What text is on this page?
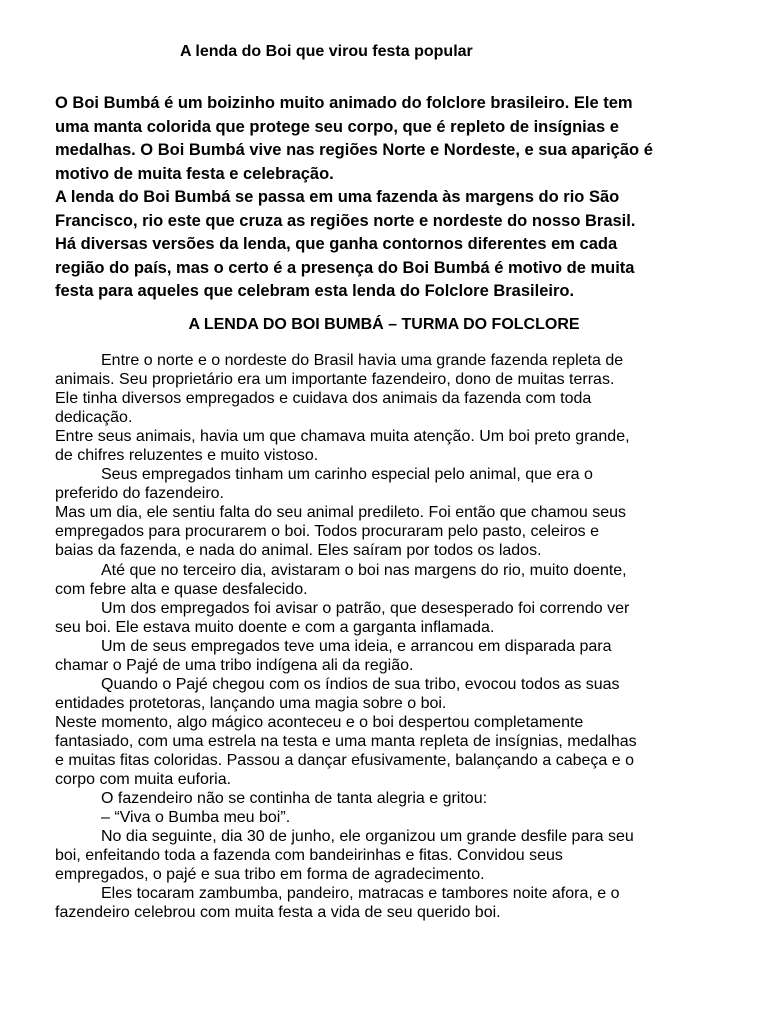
A lenda do Boi que virou festa popular
O Boi Bumbá é um boizinho muito animado do folclore brasileiro. Ele tem
uma manta colorida que protege seu corpo, que é repleto de insígnias e
medalhas. O Boi Bumbá vive nas regiões Norte e Nordeste, e sua aparição é
motivo de muita festa e celebração.
A lenda do Boi Bumbá se passa em uma fazenda às margens do rio São
Francisco, rio este que cruza as regiões norte e nordeste do nosso Brasil.
Há diversas versões da lenda, que ganha contornos diferentes em cada
região do país, mas o certo é a presença do Boi Bumbá é motivo de muita
festa para aqueles que celebram esta lenda do Folclore Brasileiro.
A LENDA DO BOI BUMBÁ – TURMA DO FOLCLORE
Entre o norte e o nordeste do Brasil havia uma grande fazenda repleta de
animais. Seu proprietário era um importante fazendeiro, dono de muitas terras.
Ele tinha diversos empregados e cuidava dos animais da fazenda com toda
dedicação.
Entre seus animais, havia um que chamava muita atenção. Um boi preto grande,
de chifres reluzentes e muito vistoso.
Seus empregados tinham um carinho especial pelo animal, que era o
preferido do fazendeiro.
Mas um dia, ele sentiu falta do seu animal predileto. Foi então que chamou seus
empregados para procurarem o boi. Todos procuraram pelo pasto, celeiros e
baias da fazenda, e nada do animal. Eles saíram por todos os lados.
Até que no terceiro dia, avistaram o boi nas margens do rio, muito doente,
com febre alta e quase desfalecido.
Um dos empregados foi avisar o patrão, que desesperado foi correndo ver
seu boi. Ele estava muito doente e com a garganta inflamada.
Um de seus empregados teve uma ideia, e arrancou em disparada para
chamar o Pajé de uma tribo indígena ali da região.
Quando o Pajé chegou com os índios de sua tribo, evocou todos as suas
entidades protetoras, lançando uma magia sobre o boi.
Neste momento, algo mágico aconteceu e o boi despertou completamente
fantasiado, com uma estrela na testa e uma manta repleta de insígnias, medalhas
e muitas fitas coloridas. Passou a dançar efusivamente, balançando a cabeça e o
corpo com muita euforia.
O fazendeiro não se continha de tanta alegria e gritou:
– “Viva o Bumba meu boi”.
No dia seguinte, dia 30 de junho, ele organizou um grande desfile para seu
boi, enfeitando toda a fazenda com bandeirinhas e fitas. Convidou seus
empregados, o pajé e sua tribo em forma de agradecimento.
Eles tocaram zambumba, pandeiro, matracas e tambores noite afora, e o
fazendeiro celebrou com muita festa a vida de seu querido boi.
